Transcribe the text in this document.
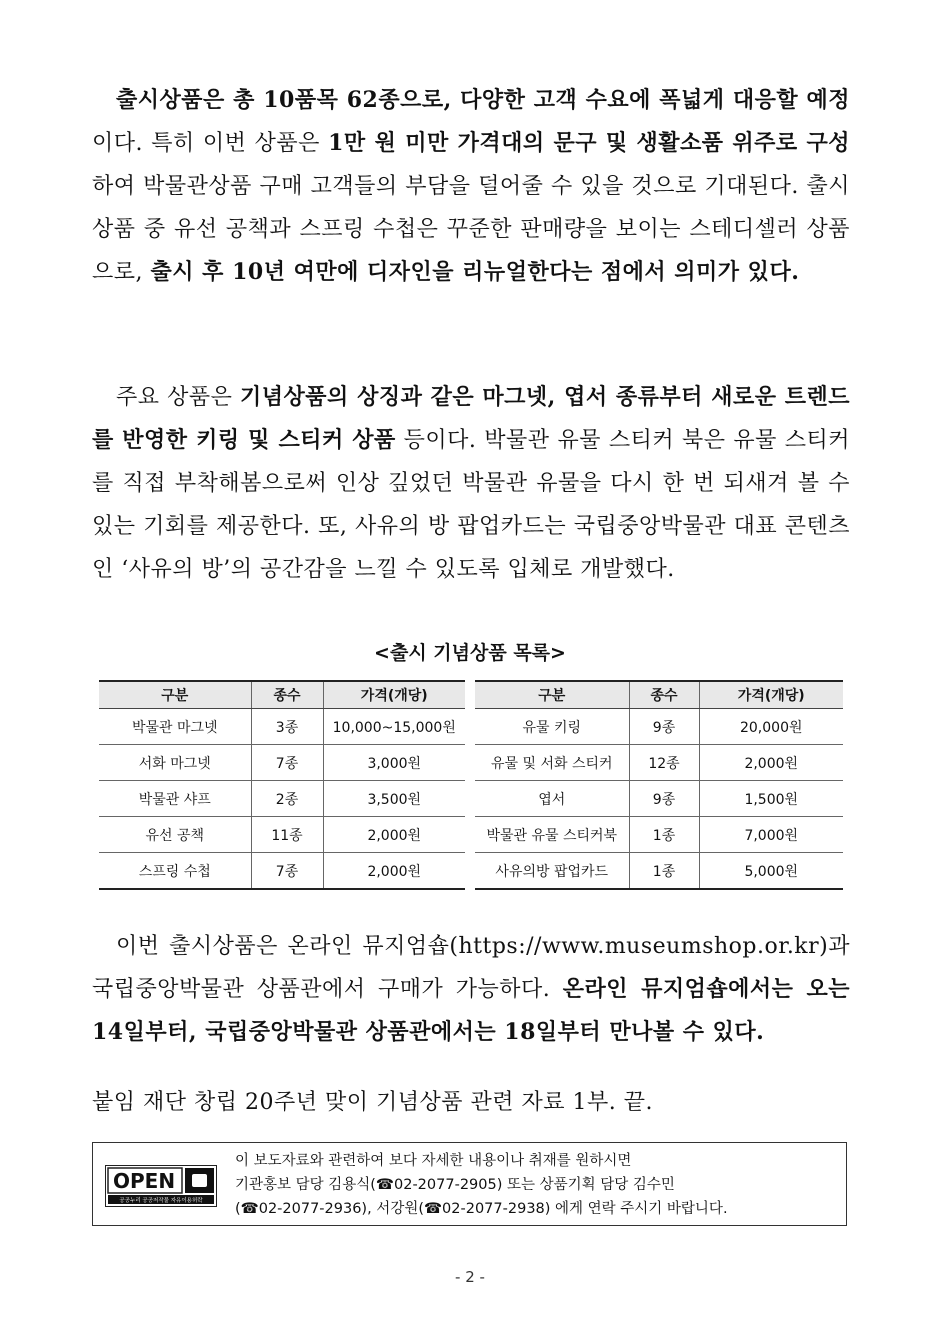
출시상품은 총 10품목 62종으로, 다양한 고객 수요에 폭넓게 대응할 예정이다. 특히 이번 상품은 1만 원 미만 가격대의 문구 및 생활소품 위주로 구성하여 박물관상품 구매 고객들의 부담을 덜어줄 수 있을 것으로 기대된다. 출시상품 중 유선 공책과 스프링 수첩은 꾸준한 판매량을 보이는 스테디셀러 상품으로, 출시 후 10년 여만에 디자인을 리뉴얼한다는 점에서 의미가 있다.
주요 상품은 기념상품의 상징과 같은 마그넷, 엽서 종류부터 새로운 트렌드를 반영한 키링 및 스티커 상품 등이다. 박물관 유물 스티커 북은 유물 스티커를 직접 부착해봄으로써 인상 깊었던 박물관 유물을 다시 한 번 되새겨 볼 수 있는 기회를 제공한다. 또, 사유의 방 팝업카드는 국립중앙박물관 대표 콘텐츠인 ‘사유의 방’의 공간감을 느낄 수 있도록 입체로 개발했다.
<출시 기념상품 목록>
구분	종수	가격(개당)
박물관 마그넷	3종	10,000~15,000원
서화 마그넷	7종	3,000원
박물관 샤프	2종	3,500원
유선 공책	11종	2,000원
스프링 수첩	7종	2,000원
구분	종수	가격(개당)
유물 키링	9종	20,000원
유물 및 서화 스티커	12종	2,000원
엽서	9종	1,500원
박물관 유물 스티커북	1종	7,000원
사유의방 팝업카드	1종	5,000원
이번 출시상품은 온라인 뮤지엄숍(https://www.museumshop.or.kr)과 국립중앙박물관 상품관에서 구매가 가능하다. 온라인 뮤지엄숍에서는 오는 14일부터, 국립중앙박물관 상품관에서는 18일부터 만나볼 수 있다.
붙임 재단 창립 20주년 맞이 기념상품 관련 자료 1부. 끝.
OPEN
공공누리 공공저작물 자유이용허락
이 보도자료와 관련하여 보다 자세한 내용이나 취재를 원하시면
기관홍보 담당 김용식(☎02-2077-2905) 또는 상품기획 담당 김수민
(☎02-2077-2936), 서강원(☎02-2077-2938) 에게 연락 주시기 바랍니다.
- 2 -
